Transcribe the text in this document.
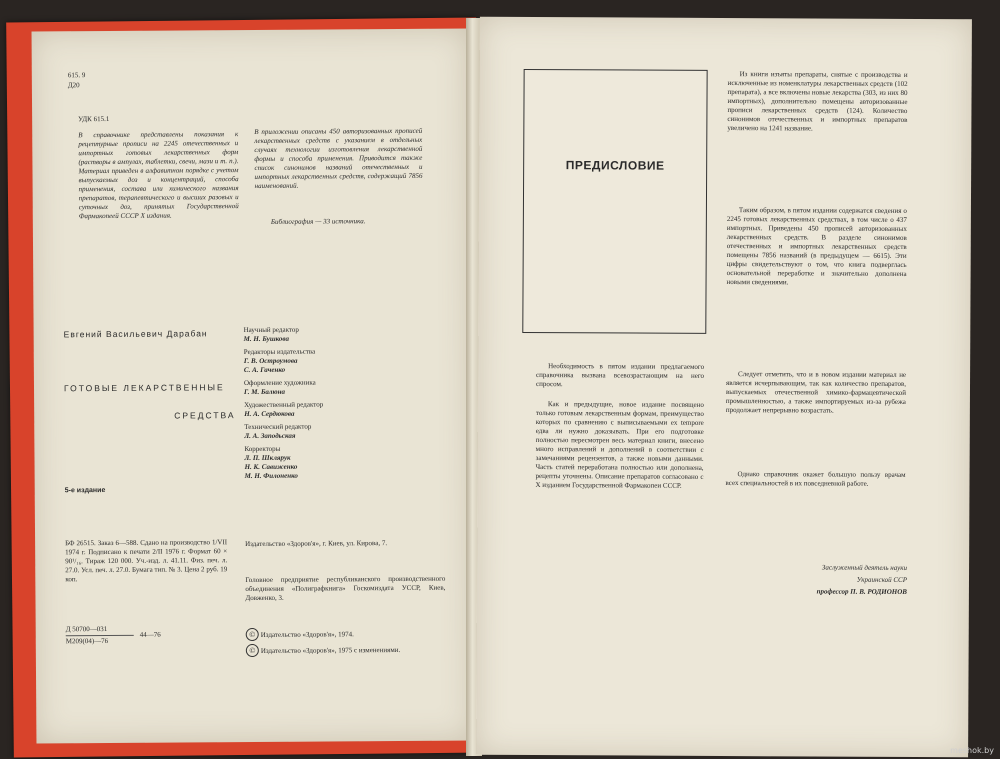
615. 9

Д20

УДК 615.1

В справочнике представлены показания к рецептурные прописи на 2245 отечественных и импортных готовых лекарственных форм (растворы в ампулах, таблетки, свечи, мази и т. п.). Материал приведен в алфавитном порядке с учетом выпускаемых доз и концентраций, способа применения, состава или химического названия препаратов, терапевтического и высших разовых и суточных доз, принятых Государственной Фармакопеей СССР X издания.

В приложении описаны 450 авторизованных прописей лекарственных средств с указанием в отдельных случаях технологии изготовления лекарственной формы и способа применения. Приводится также список синонимов названий отечественных и импортных лекарственных средств, содержащий 7856 наименований.

Библиография — 33 источника.

Евгений Васильевич Дарабан

ГОТОВЫЕ ЛЕКАРСТВЕННЫЕ

СРЕДСТВА

5-е издание

Научный редактор
М. Н. Бушкова
Редакторы издательства
Г. В. Остроумова
С. А. Гаченко
Оформление художника
Г. М. Балюна
Художественный редактор
Н. А. Сердюкова
Технический редактор
Л. А. Заподьская
Корректоры
Л. П. Шклярук
Н. К. Савиженко
М. Н. Филоненко

БФ 26515. Заказ 6—588. Сдано на производство 1/VII 1974 г. Подписано к печати 2/II 1976 г. Формат 60 × 90¹/₁₆. Тираж 120 000. Уч.-изд. л. 41.11. Физ. печ. л. 27.0. Усл. печ. л. 27.0. Бумага тип. № 3. Цена 2 руб. 19 коп.

Издательство «Здоров'я», г. Киев, ул. Кирова, 7.

Головное предприятие республиканского производственного объединения «Полиграфкнига» Госкомиздата УССР, Киев, Довженко, 3.

© Издательство «Здоров'я», 1974.

© Издательство «Здоров'я», 1975 с изменениями.

Д 50700—031

М209(04)—76

44—76

ПРЕДИСЛОВИЕ

Необходимость в пятом издании предлагаемого справочника вызвана всевозрастающим на него спросом.

Как и предыдущие, новое издание посвящено только готовым лекарственным формам, преимущество которых по сравнению с выписываемыми ex tempore едва ли нужно доказывать. При его подготовке полностью пересмотрен весь материал книги, внесено много исправлений и дополнений в соответствии с замечаниями рецензентов, а также новыми данными. Часть статей переработана полностью или дополнена, рецепты уточнены. Описание препаратов согласовано с X изданием Государственной Фармакопеи СССР.

Из книги изъяты препараты, снятые с производства и исключенные из номенклатуры лекарственных средств (102 препарата), а все включены новые лекарства (303, из них 80 импортных), дополнительно помещены авторизованные прописи лекарственных средств (124). Количество синонимов отечественных и импортных препаратов увеличено на 1241 название.

Таким образом, в пятом издании содержатся сведения о 2245 готовых лекарственных средствах, в том числе о 437 импортных. Приведены 450 прописей авторизованных лекарственных средств. В разделе синонимов отечественных и импортных лекарственных средств помещены 7856 названий (в предыдущем — 6615). Эти цифры свидетельствуют о том, что книга подверглась основательной переработке и значительно дополнена новыми сведениями.

Следует отметить, что и в новом издании материал не является исчерпывающим, так как количество препаратов, выпускаемых отечественной химико-фармацевтической промышленностью, а также импортируемых из-за рубежа продолжает непрерывно возрастать.

Однако справочник окажет большую пользу врачам всех специальностей в их повседневной работе.

Заслуженный деятель науки

Украинской ССР

профессор П. В. РОДИОНОВ

meshok.by
